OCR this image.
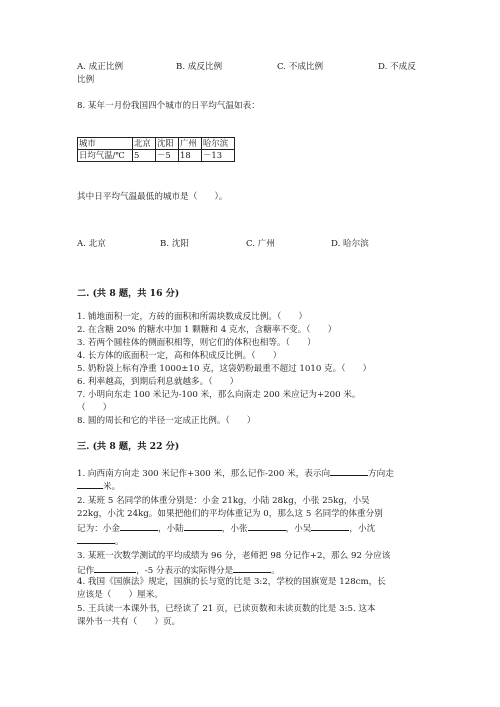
A. 成正比例	B. 成反比例	C. 不成比例	D. 不成反
比例
8. 某年一月份我国四个城市的日平均气温如表：
城市	北京	沈阳	广州	哈尔滨
日均气温/℃	5	－5	18	－13
其中日平均气温最低的城市是（　　）。
A. 北京	B. 沈阳	C. 广州	D. 哈尔滨
二. (共 8 题，共 16 分)
1. 铺地面积一定，方砖的面积和所需块数成反比例。（　　）
2. 在含糖 20% 的糖水中加 1 颗糖和 4 克水，含糖率不变。（　　）
3. 若两个圆柱体的侧面积相等，则它们的体积也相等。（　　）
4. 长方体的底面积一定，高和体积成反比例。（　　）
5. 奶粉袋上标有净重 1000±10 克，这袋奶粉最重不超过 1010 克。（　　）
6. 利率越高，到期后利息就越多。（　　）
7. 小明向东走 100 米记为-100 米，那么向南走 200 米应记为+200 米。
（　　）
8. 圆的周长和它的半径一定成正比例。（　　）
三. (共 8 题，共 22 分)
1. 向西南方向走 300 米记作+300 米，那么记作-200 米，表示向	方向走
米。
2. 某班 5 名同学的体重分别是：小金 21kg，小陆 28kg，小张 25kg，小吴
22kg，小沈 24kg。如果把他们的平均体重记为 0，那么这 5 名同学的体重分别
记为：小金	，小陆	，小张	，小吴	，小沈
。
3. 某班一次数学测试的平均成绩为 96 分，老师把 98 分记作+2，那么 92 分应该
记作	，-5 分表示的实际得分是	。
4. 我国《国旗法》规定，国旗的长与宽的比是 3:2，学校的国旗宽是 128cm，长
应该是（　　）厘米。
5. 王兵读一本课外书，已经读了 21 页，已读页数和未读页数的比是 3:5. 这本
课外书一共有（　　）页。
